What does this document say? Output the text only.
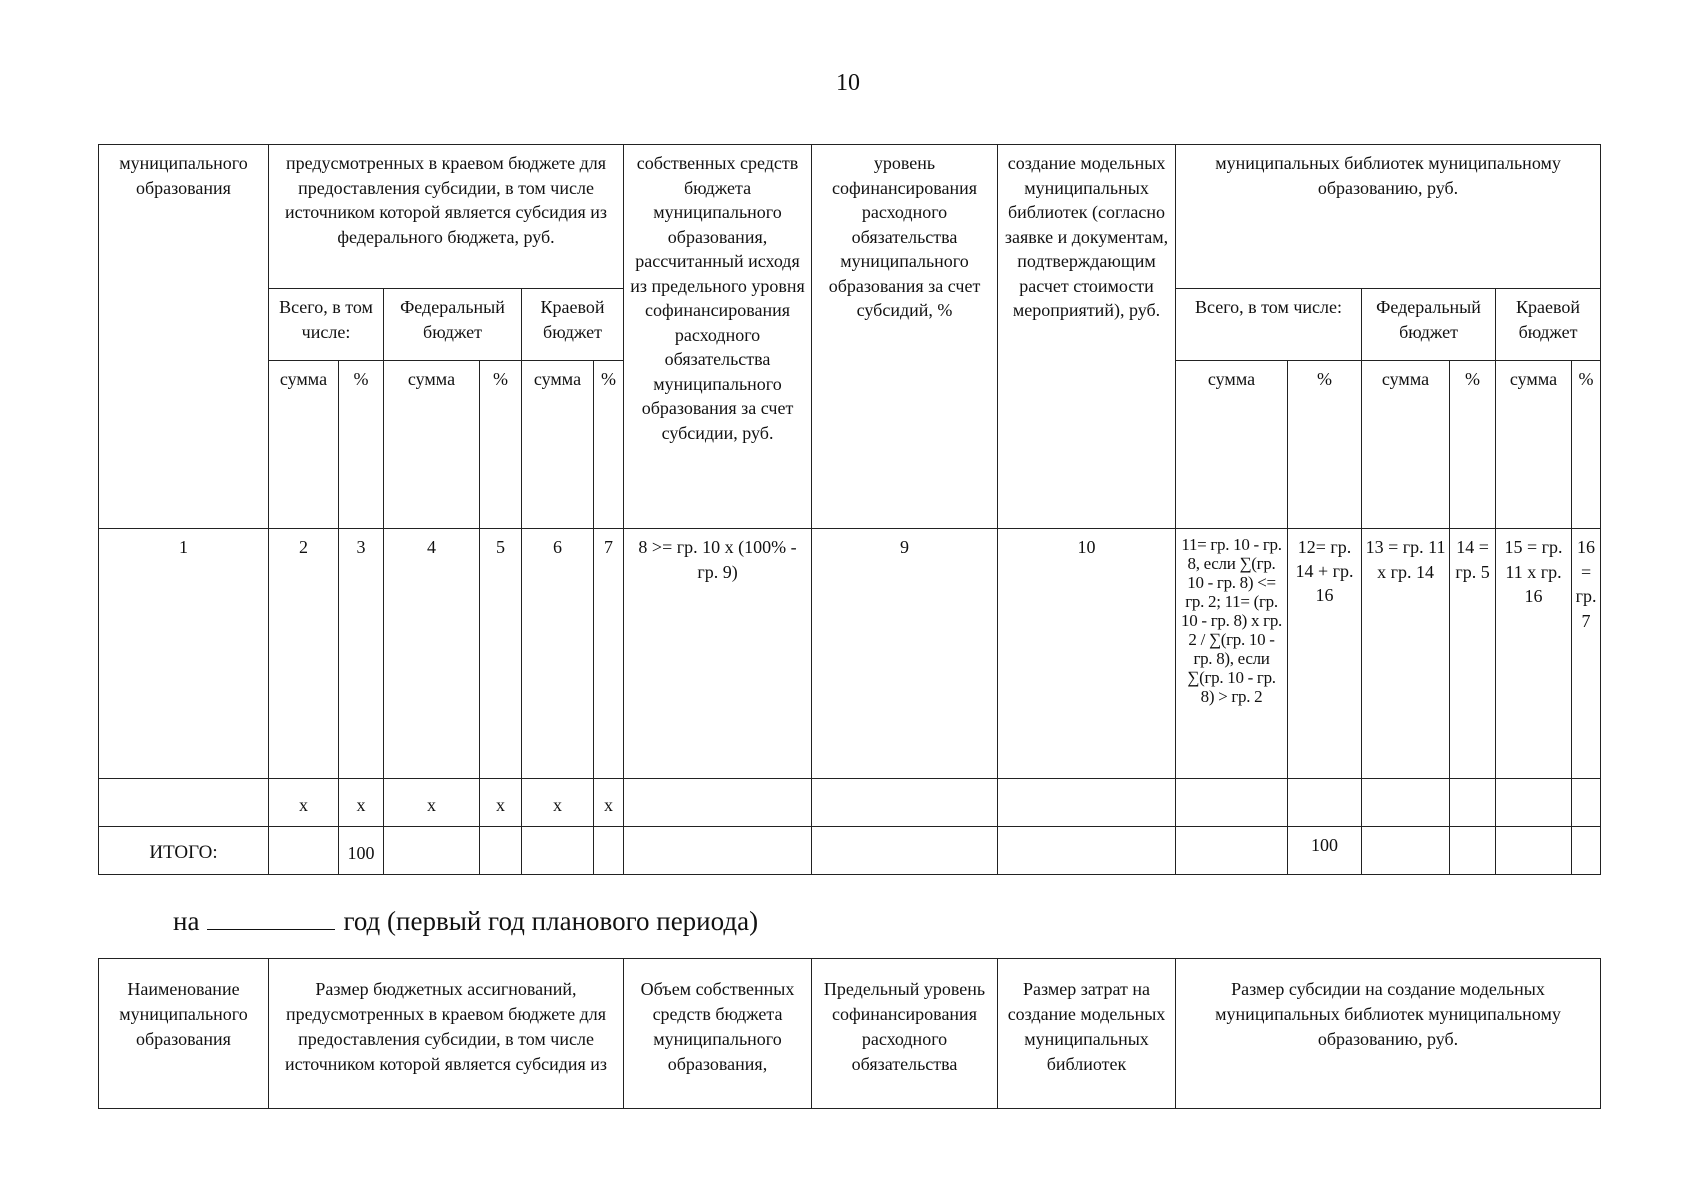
10
муниципального образования	предусмотренных в краевом бюджете для предоставления субсидии, в том числе источником которой является субсидия из федерального бюджета, руб.						собственных средств бюджета муниципального образования, рассчитанный исходя из предельного уровня софинансирования расходного обязательства муниципального образования за счет субсидии, руб.	уровень софинансирования расходного обязательства муниципального образования за счет субсидий, %	создание модельных муниципальных библиотек (согласно заявке и документам, подтверждающим расчет стоимости мероприятий), руб.	муниципальных библиотек муниципальному образованию, руб.					
	Всего, в том числе:		Федеральный бюджет		Краевой бюджет					Всего, в том числе:		Федеральный бюджет		Краевой бюджет	
	сумма	%	сумма	%	сумма	%				сумма	%	сумма	%	сумма	%
1	2	3	4	5	6	7	8 >= гр. 10 х (100% - гр. 9)	9	10	11= гр. 10 - гр. 8, если ∑(гр. 10 - гр. 8) <= гр. 2; 11= (гр. 10 - гр. 8) х гр. 2 / ∑(гр. 10 - гр. 8), если ∑(гр. 10 - гр. 8) > гр. 2	12= гр. 14 + гр. 16	13 = гр. 11 х гр. 14	14 = гр. 5	15 = гр. 11 х гр. 16	16 = гр. 7
	x	x	x	x	x	x									
ИТОГО:		100									100				
на	год (первый год планового периода)
Наименование муниципального образования	Размер бюджетных ассигнований, предусмотренных в краевом бюджете для предоставления субсидии, в том числе источником которой является субсидия из	Объем собственных средств бюджета муниципального образования,	Предельный уровень софинансирования расходного обязательства	Размер затрат на создание модельных муниципальных библиотек	Размер субсидии на создание модельных муниципальных библиотек муниципальному образованию, руб.
